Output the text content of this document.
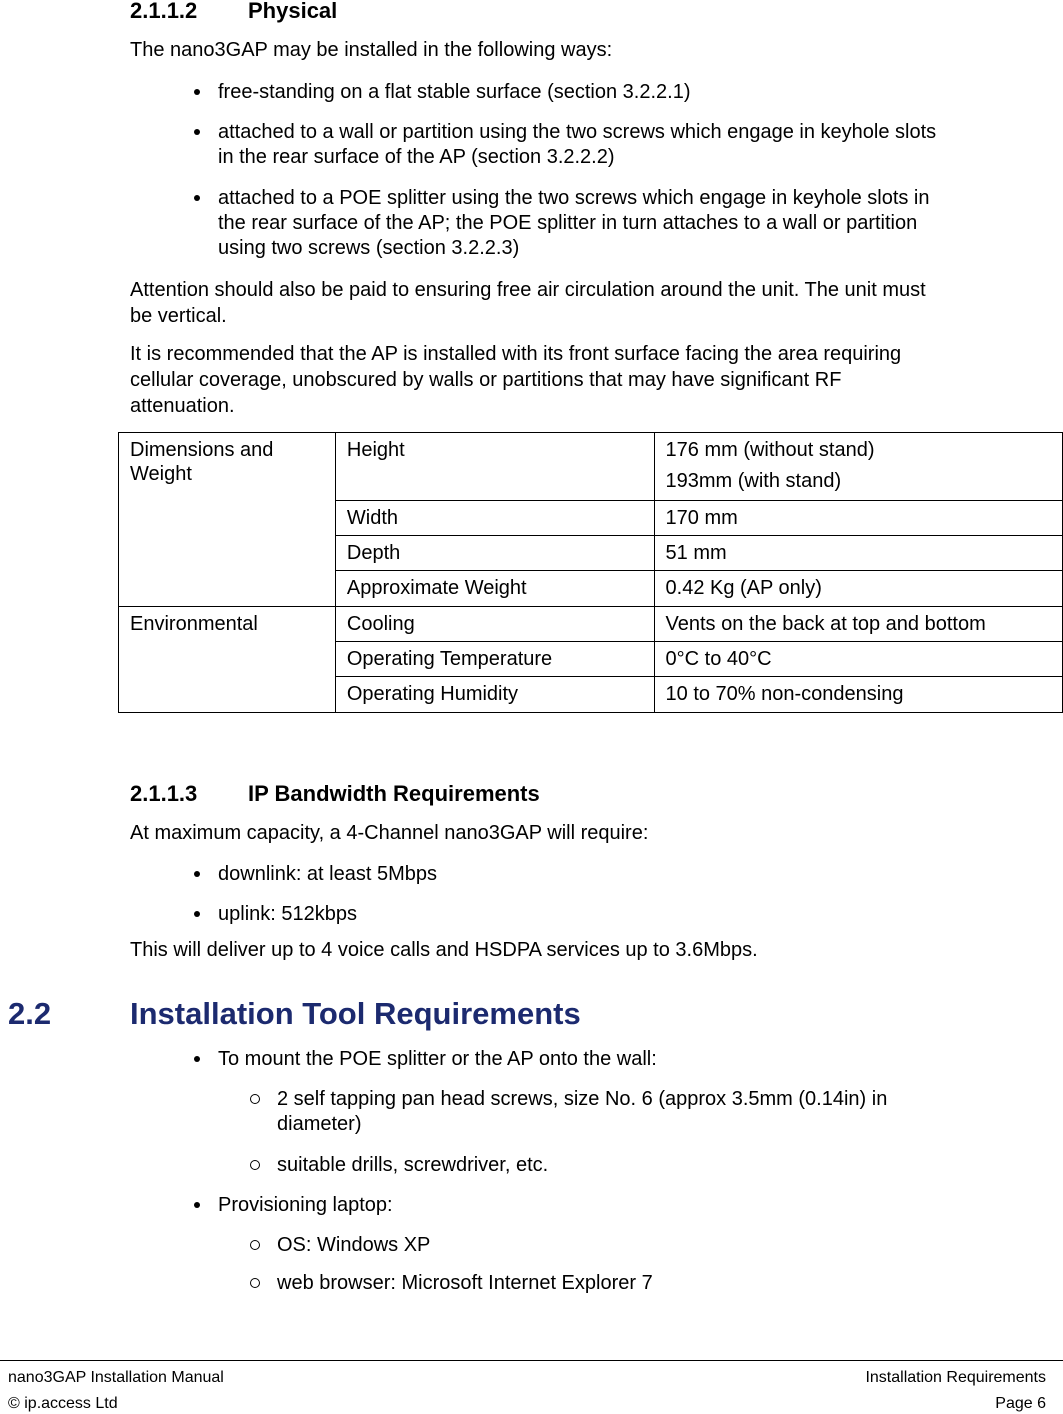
2.1.1.2 Physical
The nano3GAP may be installed in the following ways:
free-standing on a flat stable surface (section 3.2.2.1)
attached to a wall or partition using the two screws which engage in keyhole slots
in the rear surface of the AP (section 3.2.2.2)
attached to a POE splitter using the two screws which engage in keyhole slots in
the rear surface of the AP; the POE splitter in turn attaches to a wall or partition
using two screws (section 3.2.2.3)
Attention should also be paid to ensuring free air circulation around the unit. The unit must
be vertical.
It is recommended that the AP is installed with its front surface facing the area requiring
cellular coverage, unobscured by walls or partitions that may have significant RF
attenuation.
Dimensions and Weight	Height	176 mm (without stand)
193mm (with stand)

	Width	170 mm
	Depth	51 mm
	Approximate Weight	0.42 Kg (AP only)
Environmental	Cooling	Vents on the back at top and bottom
	Operating Temperature	0°C to 40°C
	Operating Humidity	10 to 70% non-condensing
2.1.1.3 IP Bandwidth Requirements
At maximum capacity, a 4-Channel nano3GAP will require:
downlink: at least 5Mbps
uplink: 512kbps
This will deliver up to 4 voice calls and HSDPA services up to 3.6Mbps.
2.2	Installation Tool Requirements
To mount the POE splitter or the AP onto the wall:
2 self tapping pan head screws, size No. 6 (approx 3.5mm (0.14in) in
diameter)
suitable drills, screwdriver, etc.
Provisioning laptop:
OS: Windows XP
web browser: Microsoft Internet Explorer 7
nano3GAP Installation Manual
© ip.access Ltd
Installation Requirements
Page 6
